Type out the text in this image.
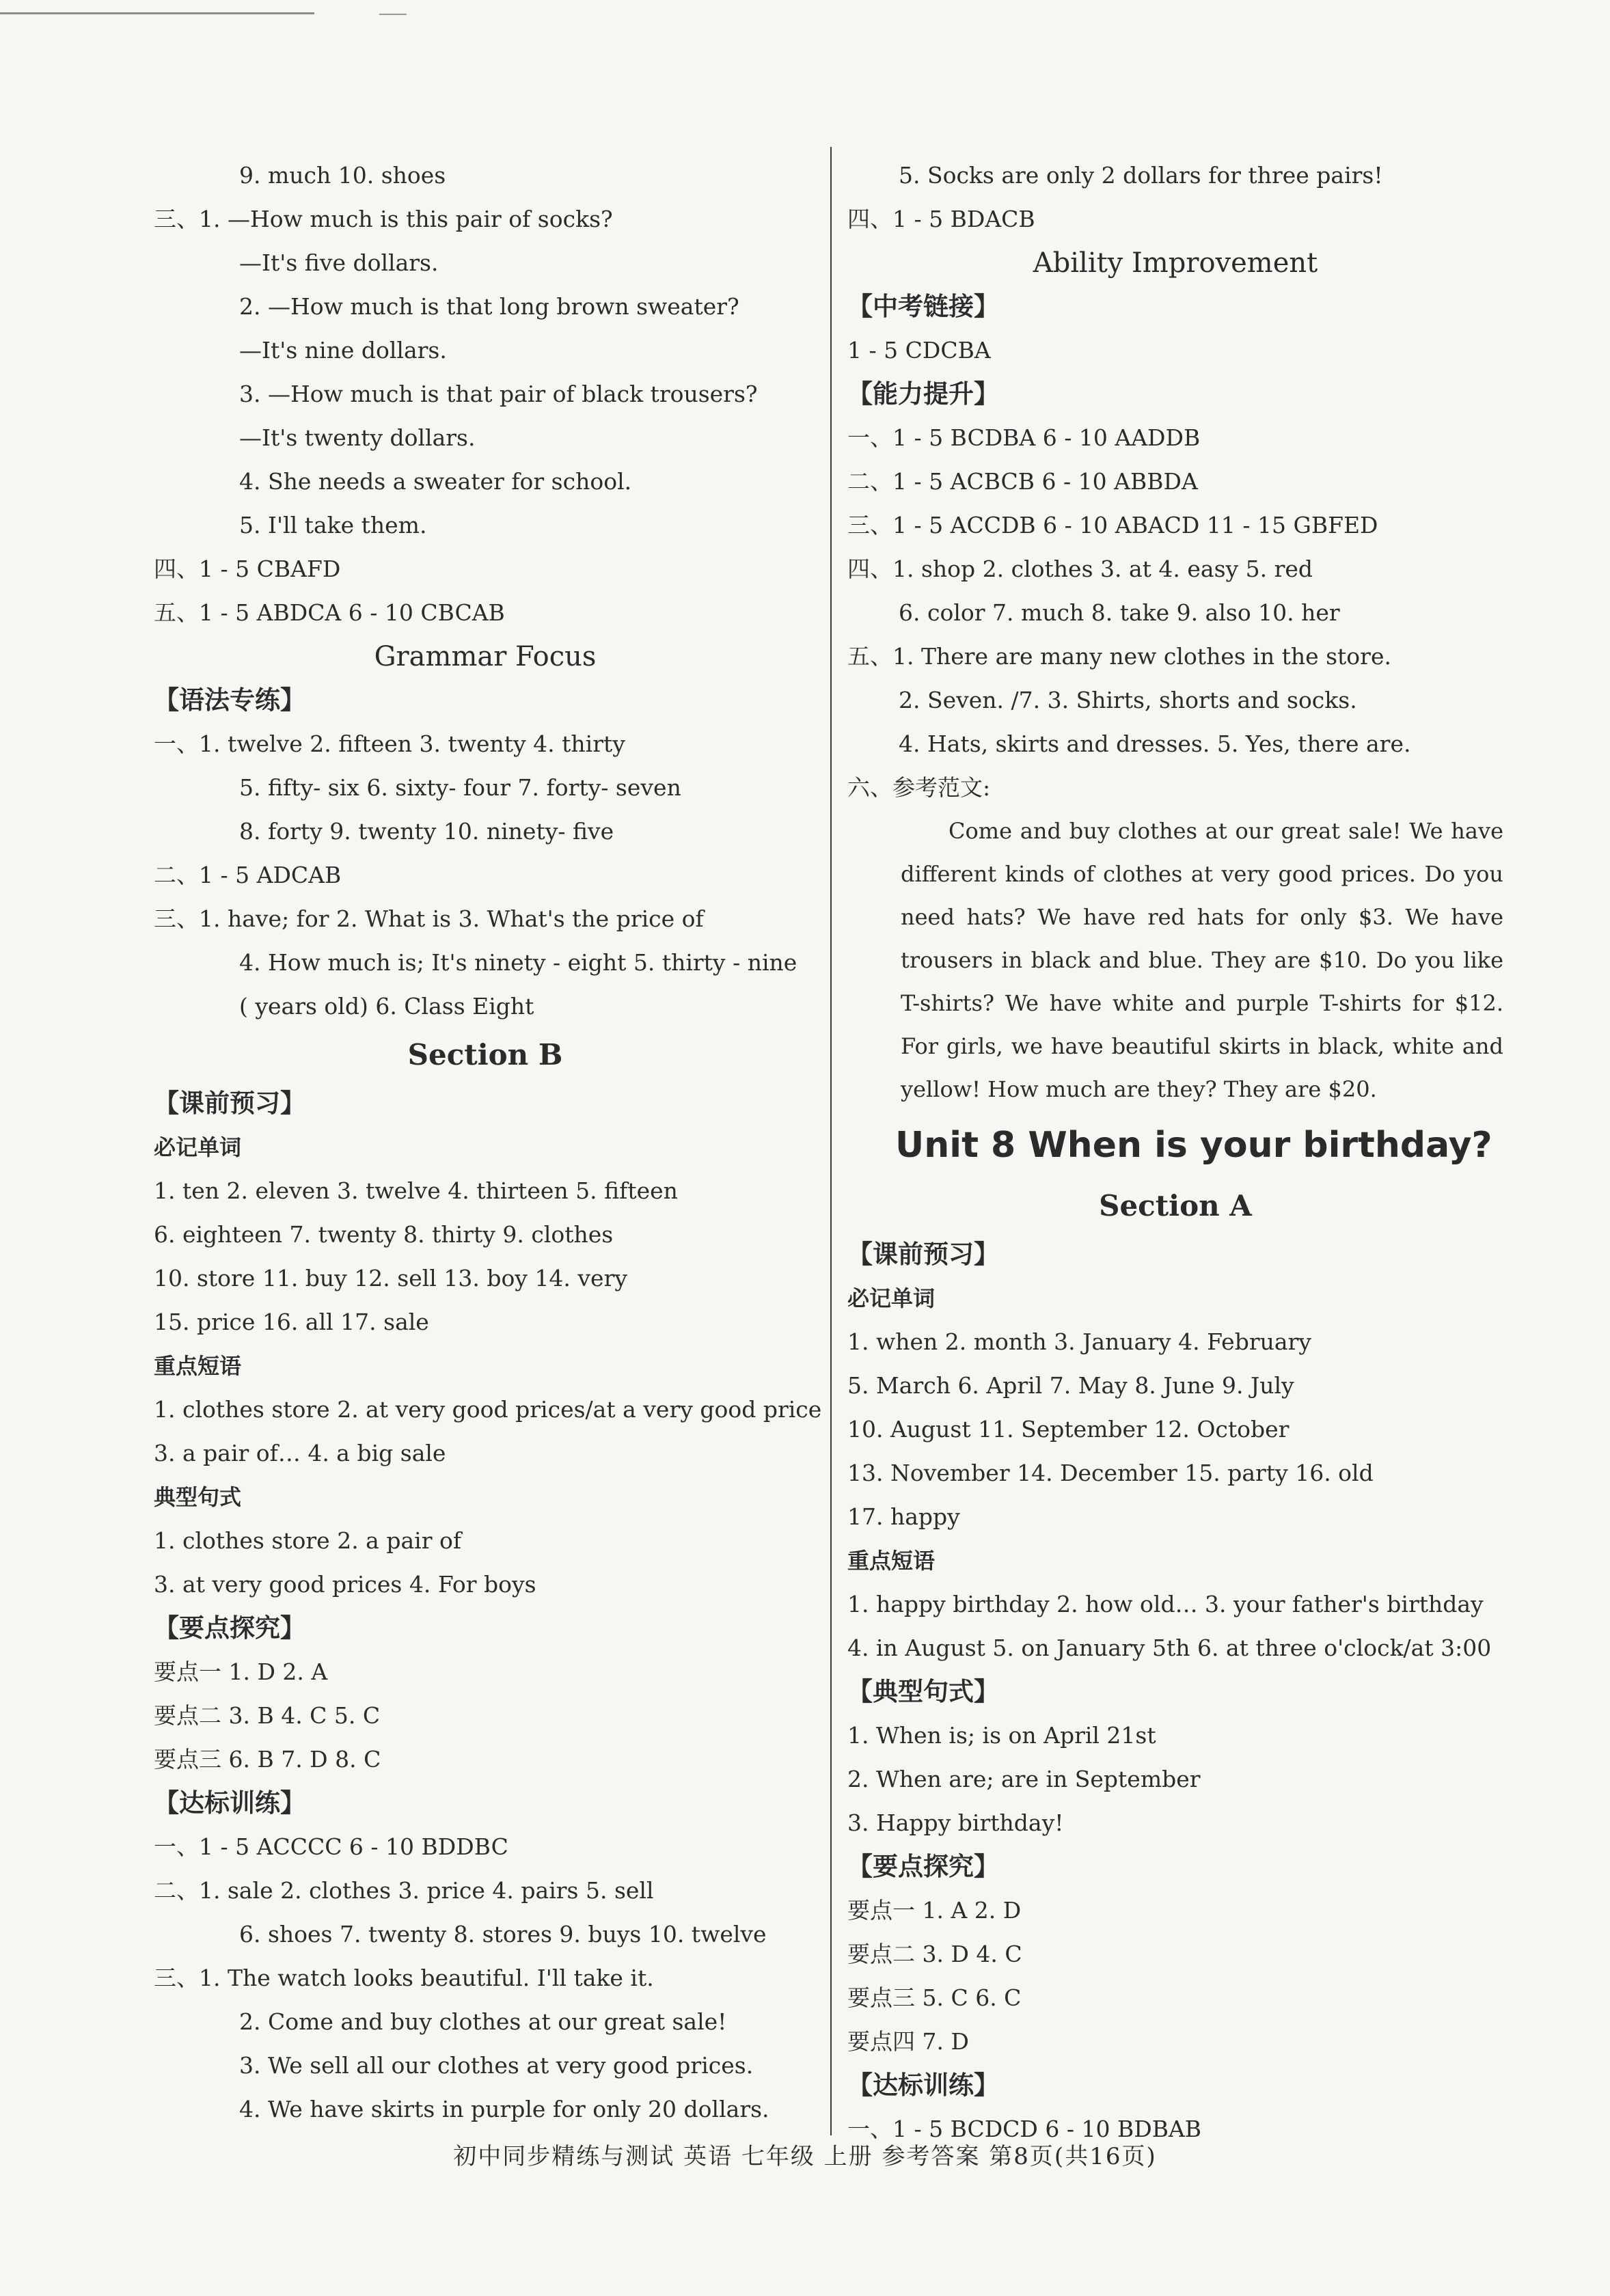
9. much 10. shoes
三、1. —How much is this pair of socks?
—It's five dollars.
2. —How much is that long brown sweater?
—It's nine dollars.
3. —How much is that pair of black trousers?
—It's twenty dollars.
4. She needs a sweater for school.
5. I'll take them.
四、1 - 5 CBAFD
五、1 - 5 ABDCA 6 - 10 CBCAB
Grammar Focus
【语法专练】
一、1. twelve 2. fifteen 3. twenty 4. thirty
5. fifty- six 6. sixty- four 7. forty- seven
8. forty 9. twenty 10. ninety- five
二、1 - 5 ADCAB
三、1. have; for 2. What is 3. What's the price of
4. How much is; It's ninety - eight 5. thirty - nine
( years old) 6. Class Eight
Section B
【课前预习】
必记单词
1. ten 2. eleven 3. twelve 4. thirteen 5. fifteen
6. eighteen 7. twenty 8. thirty 9. clothes
10. store 11. buy 12. sell 13. boy 14. very
15. price 16. all 17. sale
重点短语
1. clothes store 2. at very good prices/at a very good price
3. a pair of… 4. a big sale
典型句式
1. clothes store 2. a pair of
3. at very good prices 4. For boys
【要点探究】
要点一 1. D 2. A
要点二 3. B 4. C 5. C
要点三 6. B 7. D 8. C
【达标训练】
一、1 - 5 ACCCC 6 - 10 BDDBC
二、1. sale 2. clothes 3. price 4. pairs 5. sell
6. shoes 7. twenty 8. stores 9. buys 10. twelve
三、1. The watch looks beautiful. I'll take it.
2. Come and buy clothes at our great sale!
3. We sell all our clothes at very good prices.
4. We have skirts in purple for only 20 dollars.
5. Socks are only 2 dollars for three pairs!
四、1 - 5 BDACB
Ability Improvement
【中考链接】
1 - 5 CDCBA
【能力提升】
一、1 - 5 BCDBA 6 - 10 AADDB
二、1 - 5 ACBCB 6 - 10 ABBDA
三、1 - 5 ACCDB 6 - 10 ABACD 11 - 15 GBFED
四、1. shop 2. clothes 3. at 4. easy 5. red
6. color 7. much 8. take 9. also 10. her
五、1. There are many new clothes in the store.
2. Seven. /7. 3. Shirts, shorts and socks.
4. Hats, skirts and dresses. 5. Yes, there are.
六、参考范文:
Come and buy clothes at our great sale! We have different kinds of clothes at very good prices. Do you need hats? We have red hats for only $3. We have trousers in black and blue. They are $10. Do you like T-shirts? We have white and purple T-shirts for $12. For girls, we have beautiful skirts in black, white and yellow! How much are they? They are $20.
Unit 8 When is your birthday?
Section A
【课前预习】
必记单词
1. when 2. month 3. January 4. February
5. March 6. April 7. May 8. June 9. July
10. August 11. September 12. October
13. November 14. December 15. party 16. old
17. happy
重点短语
1. happy birthday 2. how old… 3. your father's birthday
4. in August 5. on January 5th 6. at three o'clock/at 3:00
【典型句式】
1. When is; is on April 21st
2. When are; are in September
3. Happy birthday!
【要点探究】
要点一 1. A 2. D
要点二 3. D 4. C
要点三 5. C 6. C
要点四 7. D
【达标训练】
一、1 - 5 BCDCD 6 - 10 BDBAB
初中同步精练与测试 英语 七年级 上册 参考答案 第8页(共16页)
